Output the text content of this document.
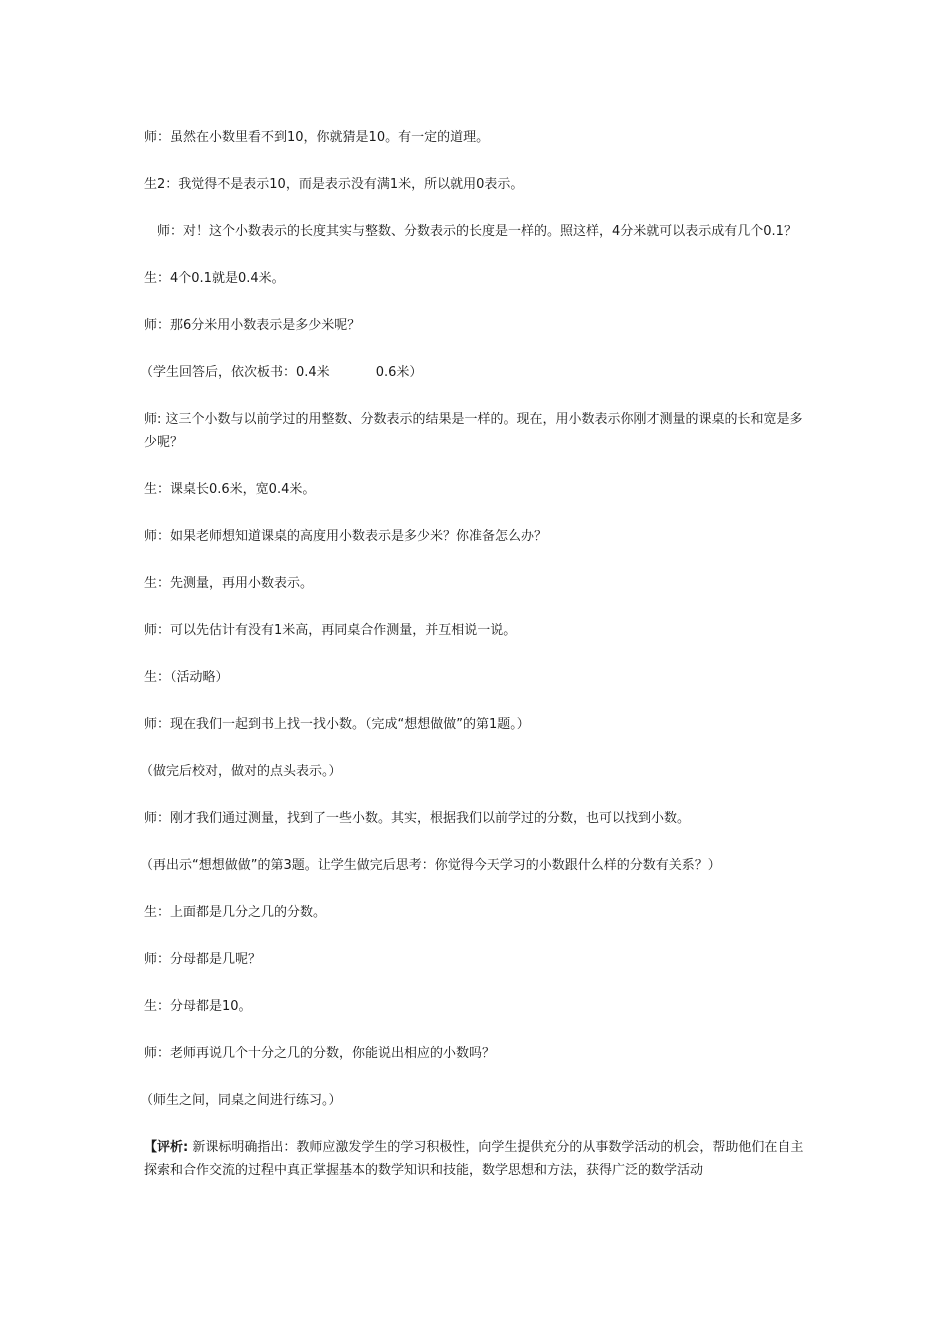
师：虽然在小数里看不到10，你就猜是10。有一定的道理。

生2：我觉得不是表示10，而是表示没有满1米，所以就用0表示。

师：对！这个小数表示的长度其实与整数、分数表示的长度是一样的。照这样，4分米就可以表示成有几个0.1？

生：4个0.1就是0.4米。

师：那6分米用小数表示是多少米呢？

（学生回答后，依次板书：0.4米	0.6米）

师: 这三个小数与以前学过的用整数、分数表示的结果是一样的。现在，用小数表示你刚才测量的课桌的长和宽是多少呢？

生：课桌长0.6米，宽0.4米。

师：如果老师想知道课桌的高度用小数表示是多少米？你准备怎么办？

生：先测量，再用小数表示。

师：可以先估计有没有1米高，再同桌合作测量，并互相说一说。

生：（活动略）

师：现在我们一起到书上找一找小数。（完成“想想做做”的第1题。）

（做完后校对，做对的点头表示。）

师：刚才我们通过测量，找到了一些小数。其实，根据我们以前学过的分数，也可以找到小数。

（再出示“想想做做”的第3题。让学生做完后思考：你觉得今天学习的小数跟什么样的分数有关系？）

生：上面都是几分之几的分数。

师：分母都是几呢？

生：分母都是10。

师：老师再说几个十分之几的分数，你能说出相应的小数吗？

（师生之间，同桌之间进行练习。）

【评析: 新课标明确指出：教师应激发学生的学习积极性，向学生提供充分的从事数学活动的机会，帮助他们在自主探索和合作交流的过程中真正掌握基本的数学知识和技能，数学思想和方法，获得广泛的数学活动
